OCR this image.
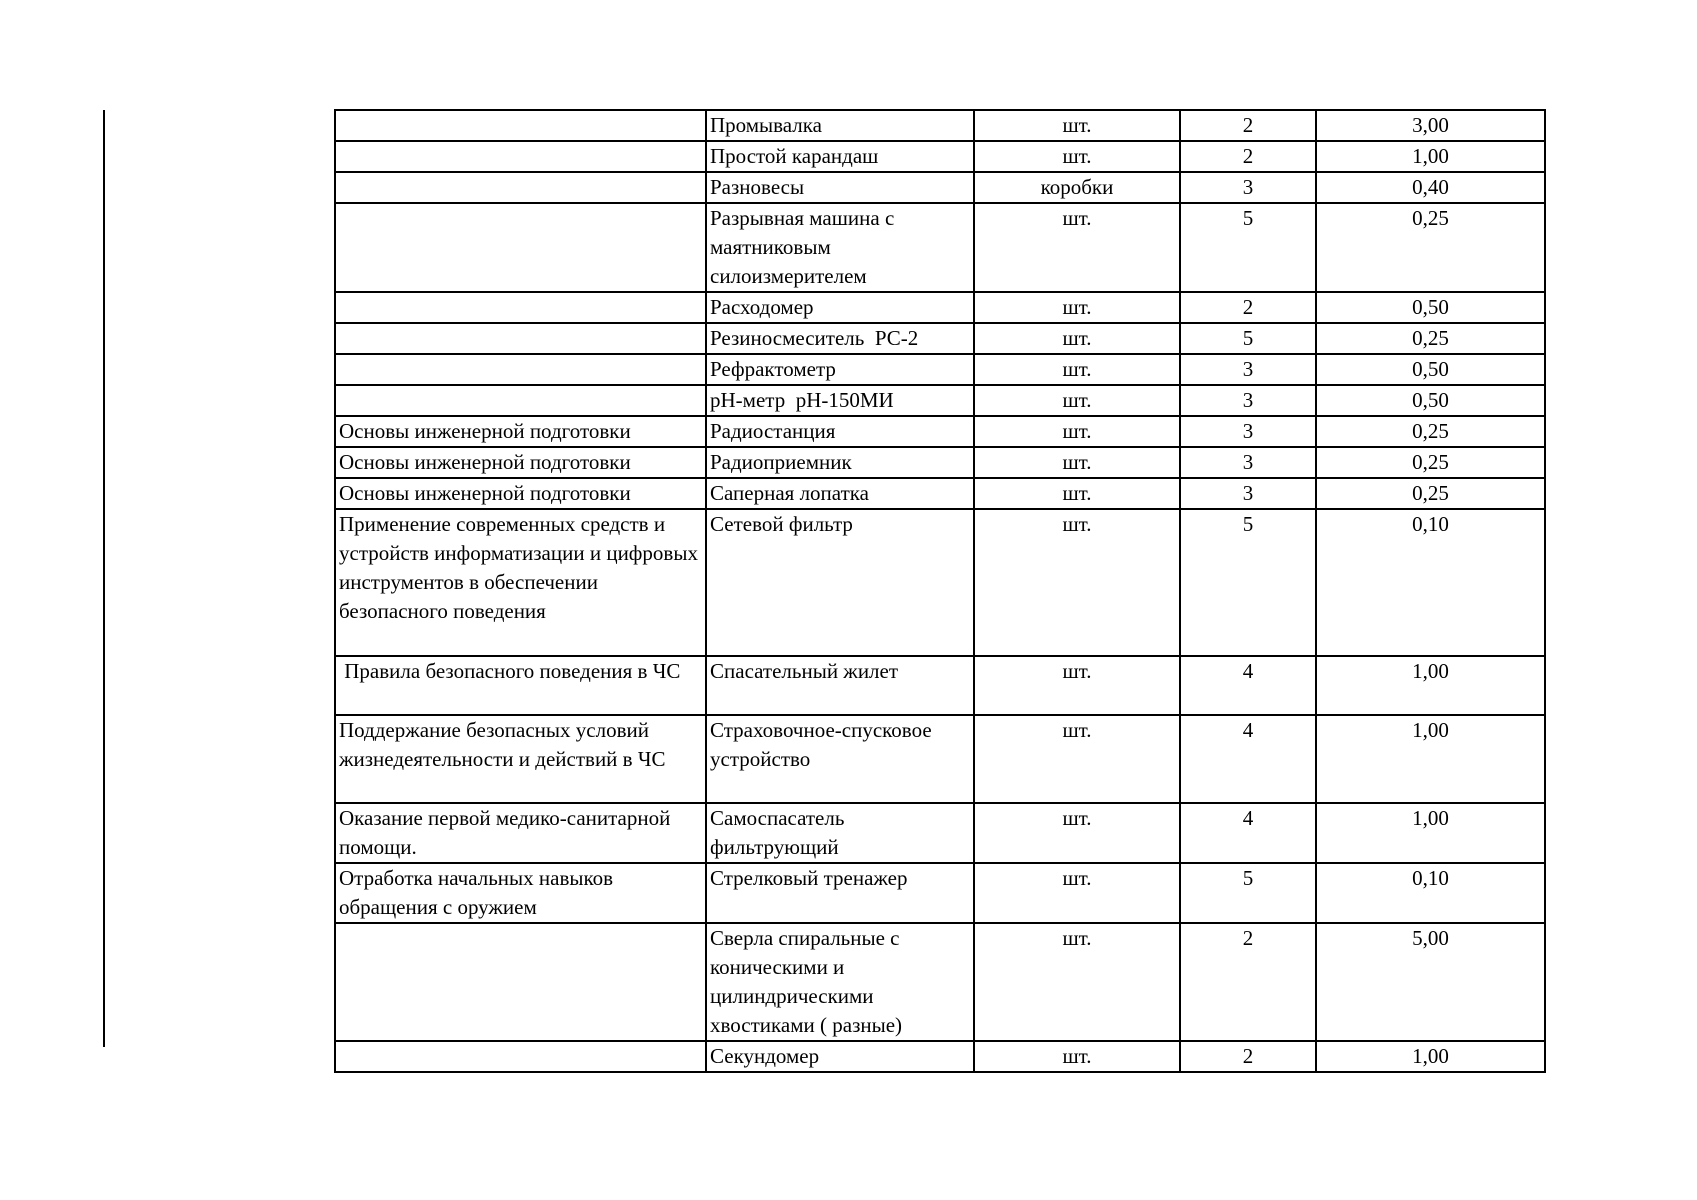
	Промывалка	шт.	2	3,00
	Простой карандаш	шт.	2	1,00
	Разновесы	коробки	3	0,40
	Разрывная машина с маятниковым силоизмерителем	шт.	5	0,25
	Расходомер	шт.	2	0,50
	Резиносмеситель  РС-2	шт.	5	0,25
	Рефрактометр	шт.	3	0,50
	рН-метр  рН-150МИ	шт.	3	0,50
Основы инженерной подготовки	Радиостанция	шт.	3	0,25
Основы инженерной подготовки	Радиоприемник	шт.	3	0,25
Основы инженерной подготовки	Саперная лопатка	шт.	3	0,25
Применение современных средств и устройств информатизации и цифровых инструментов в обеспечении безопасного поведения	Сетевой фильтр	шт.	5	0,10
Правила безопасного поведения в ЧС	Спасательный жилет	шт.	4	1,00
Поддержание безопасных условий жизнедеятельности и действий в ЧС	Страховочное-спусковое устройство	шт.	4	1,00
Оказание первой медико-санитарной помощи.	Самоспасатель фильтрующий	шт.	4	1,00
Отработка начальных навыков обращения с оружием	Стрелковый тренажер	шт.	5	0,10
	Сверла спиральные с коническими и цилиндрическими хвостиками ( разные)	шт.	2	5,00
	Секундомер	шт.	2	1,00
